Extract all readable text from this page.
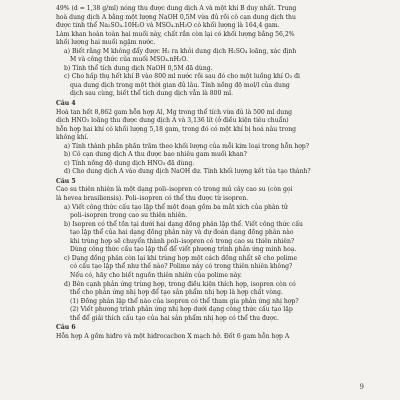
49% (d = 1,38 g/ml) nóng thu được dung dịch A và một khí B duy nhất. Trung
hoà dung dịch A bằng một lượng NaOH 0,5M vừa đủ rồi cô cạn dung dịch thu
được tinh thể Na₂SO₄.10H₂O và MSO₄.nH₂O có khối lượng là 164,4 gam.
Làm khan hoàn toàn hai muối này, chất rắn còn lại có khối lượng bằng 56,2%
khối lượng hai muối ngậm nước.
a) Biết rằng M không đẩy được H₂ ra khỏi dung dịch H₂SO₄ loãng, xác định
M và công thức của muối MSO₄.nH₂O.
b) Tính thể tích dung dịch NaOH 0,5M đã dùng.
c) Cho hấp thụ hết khí B vào 800 ml nước rồi sau đó cho một luồng khí O₂ đi
qua dung dịch trong một thời gian đủ lâu. Tính nồng độ mol/l của dung
dịch sau cùng, biết thể tích dung dịch vẫn là 800 ml.
Câu 4
Hoà tan hết 8,862 gam hỗn hợp Al, Mg trong thể tích vừa đủ là 500 ml dung
dịch HNO₃ loãng thu được dung dịch A và 3,136 lít (ở điều kiện tiêu chuẩn)
hỗn hợp hai khí có khối lượng 5,18 gam, trong đó có một khí bị hoá nâu trong
không khí.
a) Tính thành phần phần trăm theo khối lượng của mỗi kim loại trong hỗn hợp?
b) Cô cạn dung dịch A thu được bao nhiêu gam muối khan?
c) Tính nồng độ dung dịch HNO₃ đã dùng.
d) Cho dung dịch A vào dung dịch NaOH dư. Tính khối lượng kết tủa tạo thành?
Câu 5
Cao su thiên nhiên là một dạng poli–isopren có trong mủ cây cao su (còn gọi
là hevea brasiliensis). Poli–isopren có thể thu được từ isopren.
a) Viết công thức cấu tạo lập thể một đoạn gồm ba mắt xích của phân tử
poli–isopren trong cao su thiên nhiên.
b) Isopren có thể tồn tại dưới hai dạng đồng phân lập thể. Viết công thức cấu
tạo lập thể của hai dạng đồng phân này và dự đoán dạng đồng phân nào
khi trùng hợp sẽ chuyển thành poli–isopren có trong cao su thiên nhiên?
Dùng công thức cấu tạo lập thể để viết phương trình phản ứng minh hoạ.
c) Dạng đồng phân còn lại khi trùng hợp một cách đồng nhất sẽ cho polime
có cấu tạo lập thể như thế nào? Polime này có trong thiên nhiên không?
Nếu có, hãy cho biết nguồn thiên nhiên của polime này.
d) Bên cạnh phản ứng trùng hợp, trong điều kiện thích hợp, isopren còn có
thể cho phản ứng nhị hợp để tạo sản phẩm nhị hợp là hợp chất vòng.
(1) Đồng phân lập thể nào của isopren có thể tham gia phản ứng nhị hợp?
(2) Viết phương trình phản ứng nhị hợp dưới dạng công thức cấu tạo lập
thể để giải thích cấu tạo của hai sản phẩm nhị hợp có thể thu được.
Câu 6
Hỗn hợp A gồm hiđro và một hiđrocacbon X mạch hở. Đốt 6 gam hỗn hợp A
9
